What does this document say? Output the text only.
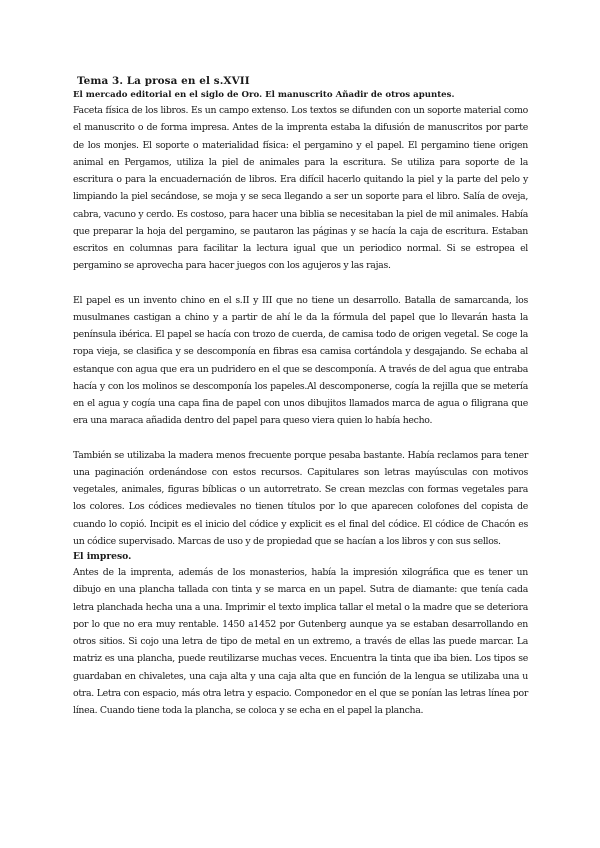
Tema 3. La prosa en el s.XVII
El mercado editorial en el siglo de Oro. El manuscrito Añadir de otros apuntes.

Faceta física de los libros. Es un campo extenso. Los textos se difunden con un soporte material como el manuscrito o de forma impresa. Antes de la imprenta estaba la difusión de manuscritos por parte de los monjes. El soporte o materialidad física: el pergamino y el papel. El pergamino tiene origen animal en Pergamos, utiliza la piel de animales para la escritura. Se utiliza para soporte de la escritura o para la encuadernación de libros. Era difícil hacerlo quitando la piel y la parte del pelo y limpiando la piel secándose, se moja y se seca llegando a ser un soporte para el libro. Salía de oveja, cabra, vacuno y cerdo. Es costoso, para hacer una biblia se necesitaban la piel de mil animales. Había que preparar la hoja del pergamino, se pautaron las páginas y se hacía la caja de escritura. Estaban escritos en columnas para facilitar la lectura igual que un periodico normal. Si se estropea el pergamino se aprovecha para hacer juegos con los agujeros y las rajas.

El papel es un invento chino en el s.II y III que no tiene un desarrollo. Batalla de samarcanda, los musulmanes castigan a chino y a partir de ahí le da la fórmula del papel que lo llevarán hasta la península ibérica. El papel se hacía con trozo de cuerda, de camisa todo de origen vegetal. Se coge la ropa vieja, se clasifica y se descomponía en fibras esa camisa cortándola y desgajando. Se echaba al estanque con agua que era un pudridero en el que se descomponía. A través de del agua que entraba hacía y con los molinos se descomponía los papeles.Al descomponerse, cogía la rejilla que se metería en el agua y cogía una capa fina de papel con unos dibujitos llamados marca de agua o filigrana que era una maraca añadida dentro del papel para queso viera quien lo había hecho.

También se utilizaba la madera menos frecuente porque pesaba bastante. Había reclamos para tener una paginación ordenándose con estos recursos. Capitulares son letras mayúsculas con motivos vegetales, animales, figuras bíblicas o un autorretrato. Se crean mezclas con formas vegetales para los colores. Los códices medievales no tienen títulos por lo que aparecen colofones del copista de cuando lo copió. Incipit es el inicio del códice y explicit es el final del códice. El códice de Chacón es un códice supervisado. Marcas de uso y de propiedad que se hacían a los libros y con sus sellos.

El impreso.

Antes de la imprenta, además de los monasterios, había la impresión xilográfica que es tener un dibujo en una plancha tallada con tinta y se marca en un papel. Sutra de diamante: que tenía cada letra planchada hecha una a una. Imprimir el texto implica tallar el metal o la madre que se deteriora por lo que no era muy rentable. 1450 a1452 por Gutenberg aunque ya se estaban desarrollando en otros sitios. Si cojo una letra de tipo de metal en un extremo, a través de ellas las puede marcar. La matriz es una plancha, puede reutilizarse muchas veces. Encuentra la tinta que iba bien. Los tipos se guardaban en chivaletes, una caja alta y una caja alta que en función de la lengua se utilizaba una u otra. Letra con espacio, más otra letra y espacio. Componedor en el que se ponían las letras línea por línea. Cuando tiene toda la plancha, se coloca y se echa en el papel la plancha.
